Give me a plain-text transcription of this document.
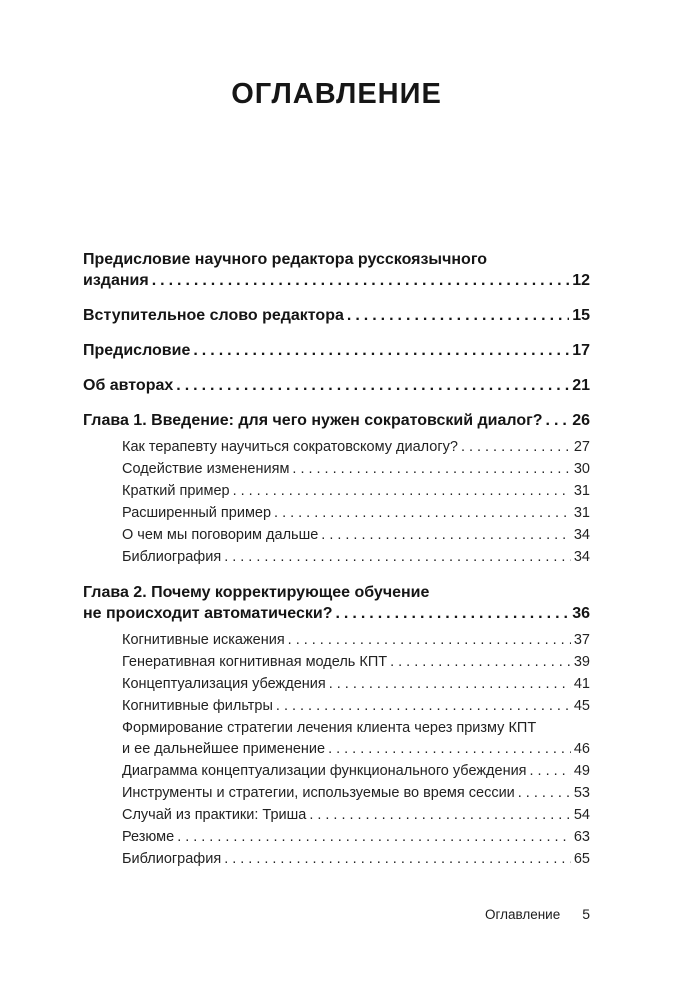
ОГЛАВЛЕНИЕ
Предисловие научного редактора русскоязычного
издания .....	12
Вступительное слово редактора .....	15
Предисловие .....	17
Об авторах .....	21
Глава 1. Введение: для чего нужен сократовский диалог? ..... 26
Как терапевту научиться сократовскому диалогу? .....	27
Содействие изменениям .....	30
Краткий пример .....	31
Расширенный пример .....	31
О чем мы поговорим дальше .....	34
Библиография .....	34
Глава 2. Почему корректирующее обучение
не происходит автоматически? .....	36
Когнитивные искажения .....	37
Генеративная когнитивная модель КПТ .....	39
Концептуализация убеждения .....	41
Когнитивные фильтры .....	45
Формирование стратегии лечения клиента через призму КПТ
и ее дальнейшее применение .....	46
Диаграмма концептуализации функционального убеждения .....	49
Инструменты и стратегии, используемые во время сессии .....	53
Случай из практики: Триша .....	54
Резюме .....	63
Библиография .....	65
Оглавление 5
